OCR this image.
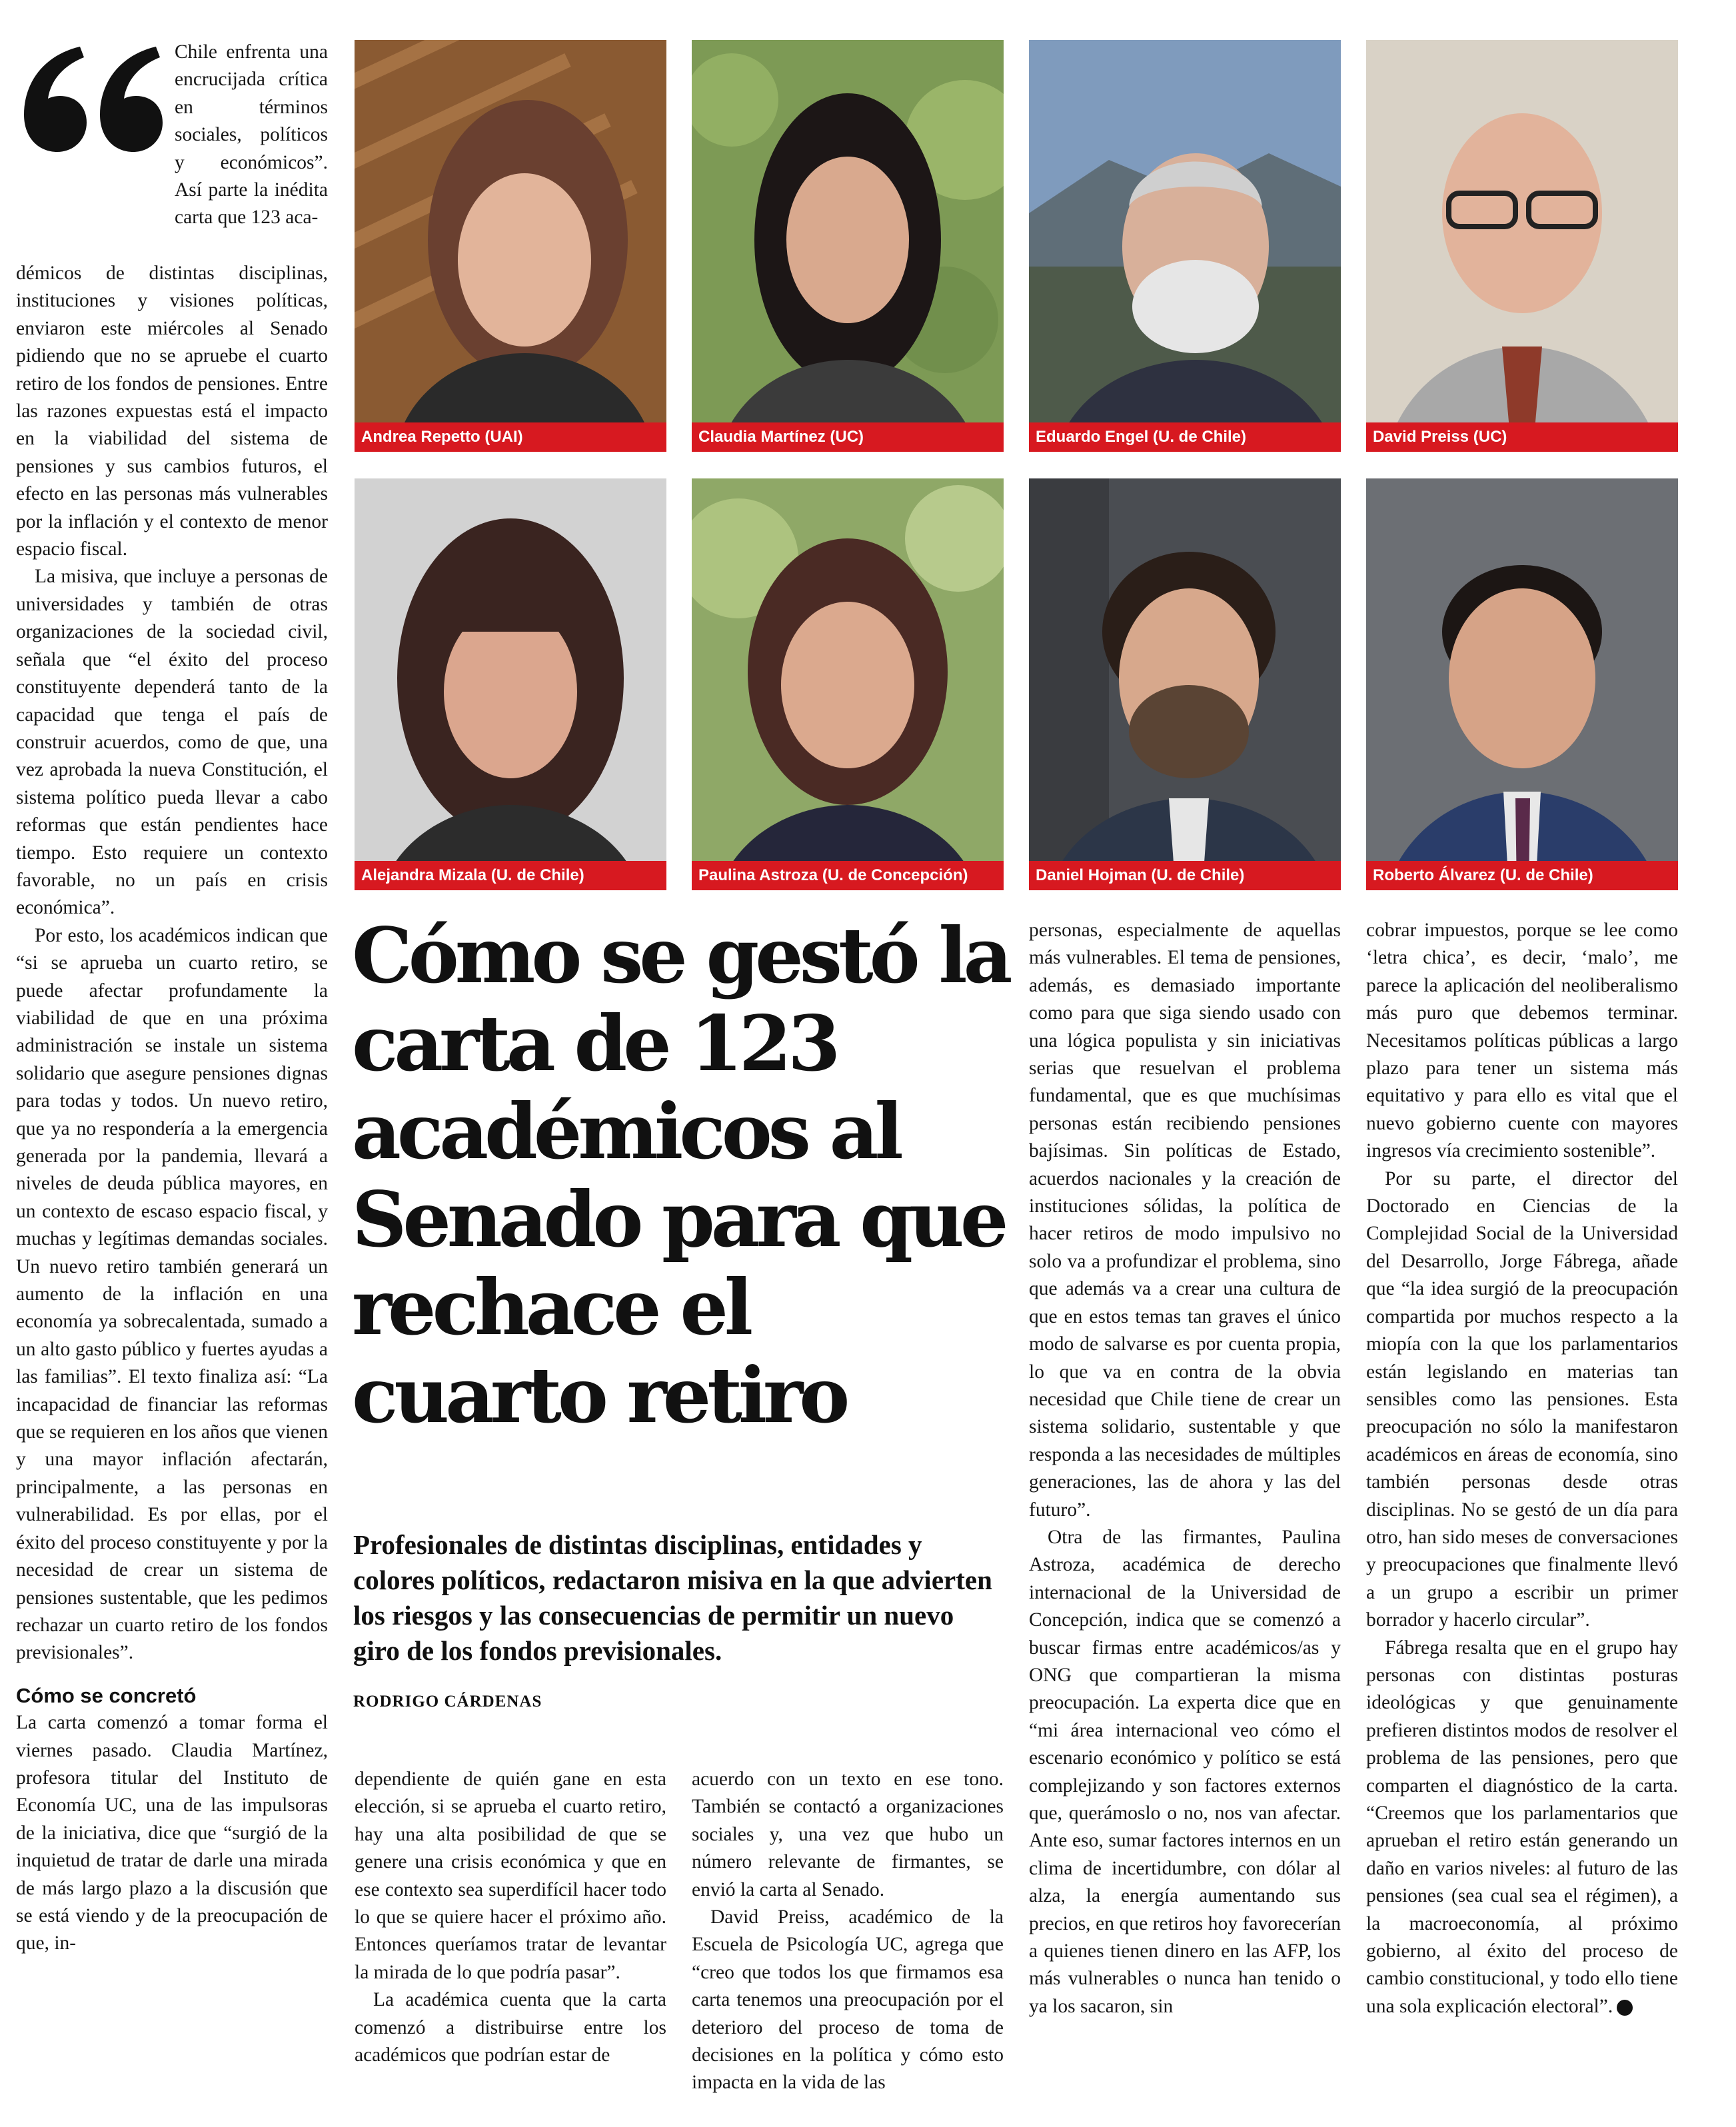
Chile enfrenta una encrucijada crítica en términos sociales, políticos y económicos”. Así parte la inédita carta que 123 aca-

démicos de distintas disciplinas, instituciones y visiones políticas, enviaron este miércoles al Senado pidiendo que no se apruebe el cuarto retiro de los fondos de pensiones. Entre las razones expuestas está el impacto en la viabilidad del sistema de pensiones y sus cambios futuros, el efecto en las personas más vulnerables por la inflación y el contexto de menor espacio fiscal.

La misiva, que incluye a personas de universidades y también de otras organizaciones de la sociedad civil, señala que “el éxito del proceso constituyente dependerá tanto de la capacidad que tenga el país de construir acuerdos, como de que, una vez aprobada la nueva Constitución, el sistema político pueda llevar a cabo reformas que están pendientes hace tiempo. Esto requiere un contexto favorable, no un país en crisis económica”.

Por esto, los académicos indican que “si se aprueba un cuarto retiro, se puede afectar profundamente la viabilidad de que en una próxima administración se instale un sistema solidario que asegure pensiones dignas para todas y todos. Un nuevo retiro, que ya no respondería a la emergencia generada por la pandemia, llevará a niveles de deuda pública mayores, en un contexto de escaso espacio fiscal, y muchas y legítimas demandas sociales. Un nuevo retiro también generará un aumento de la inflación en una economía ya sobrecalentada, sumado a un alto gasto público y fuertes ayudas a las familias”. El texto finaliza así: “La incapacidad de financiar las reformas que se requieren en los años que vienen y una mayor inflación afectarán, principalmente, a las personas en vulnerabilidad. Es por ellas, por el éxito del proceso constituyente y por la necesidad de crear un sistema de pensiones sustentable, que les pedimos rechazar un cuarto retiro de los fondos previsionales”.

Cómo se concretó

La carta comenzó a tomar forma el viernes pasado. Claudia Martínez, profesora titular del Instituto de Economía UC, una de las impulsoras de la iniciativa, dice que “surgió de la inquietud de tratar de darle una mirada de más largo plazo a la discusión que se está viendo y de la preocupación de que, in-

Andrea Repetto (UAI)	Claudia Martínez (UC)	Eduardo Engel (U. de Chile)	David Preiss (UC)
Alejandra Mizala (U. de Chile)	Paulina Astroza (U. de Concepción)	Daniel Hojman (U. de Chile)	Roberto Álvarez (U. de Chile)
Cómo se gestó la carta de 123 académicos al Senado para que rechace el cuarto retiro

Profesionales de distintas disciplinas, entidades y colores políticos, redactaron misiva en la que advierten los riesgos y las consecuencias de permitir un nuevo giro de los fondos previsionales.

RODRIGO CÁRDENAS

dependiente de quién gane en esta elección, si se aprueba el cuarto retiro, hay una alta posibilidad de que se genere una crisis económica y que en ese contexto sea superdifícil hacer todo lo que se quiere hacer el próximo año. Entonces queríamos tratar de levantar la mirada de lo que podría pasar”.

La académica cuenta que la carta comenzó a distribuirse entre los académicos que podrían estar de

acuerdo con un texto en ese tono. También se contactó a organizaciones sociales y, una vez que hubo un número relevante de firmantes, se envió la carta al Senado.

David Preiss, académico de la Escuela de Psicología UC, agrega que “creo que todos los que firmamos esa carta tenemos una preocupación por el deterioro del proceso de toma de decisiones en la política y cómo esto impacta en la vida de las

personas, especialmente de aquellas más vulnerables. El tema de pensiones, además, es demasiado importante como para que siga siendo usado con una lógica populista y sin iniciativas serias que resuelvan el problema fundamental, que es que muchísimas personas están recibiendo pensiones bajísimas. Sin políticas de Estado, acuerdos nacionales y la creación de instituciones sólidas, la política de hacer retiros de modo impulsivo no solo va a profundizar el problema, sino que además va a crear una cultura de que en estos temas tan graves el único modo de salvarse es por cuenta propia, lo que va en contra de la obvia necesidad que Chile tiene de crear un sistema solidario, sustentable y que responda a las necesidades de múltiples generaciones, las de ahora y las del futuro”.

Otra de las firmantes, Paulina Astroza, académica de derecho internacional de la Universidad de Concepción, indica que se comenzó a buscar firmas entre académicos/as y ONG que compartieran la misma preocupación. La experta dice que en “mi área internacional veo cómo el escenario económico y político se está complejizando y son factores externos que, querámoslo o no, nos van afectar. Ante eso, sumar factores internos en un clima de incertidumbre, con dólar al alza, la energía aumentando sus precios, en que retiros hoy favorecerían a quienes tienen dinero en las AFP, los más vulnerables o nunca han tenido o ya los sacaron, sin

cobrar impuestos, porque se lee como ‘letra chica’, es decir, ‘malo’, me parece la aplicación del neoliberalismo más puro que debemos terminar. Necesitamos políticas públicas a largo plazo para tener un sistema más equitativo y para ello es vital que el nuevo gobierno cuente con mayores ingresos vía crecimiento sostenible”.

Por su parte, el director del Doctorado en Ciencias de la Complejidad Social de la Universidad del Desarrollo, Jorge Fábrega, añade que “la idea surgió de la preocupación compartida por muchos respecto a la miopía con la que los parlamentarios están legislando en materias tan sensibles como las pensiones. Esta preocupación no sólo la manifestaron académicos en áreas de economía, sino también personas desde otras disciplinas. No se gestó de un día para otro, han sido meses de conversaciones y preocupaciones que finalmente llevó a un grupo a escribir un primer borrador y hacerlo circular”.

Fábrega resalta que en el grupo hay personas con distintas posturas ideológicas y que genuinamente prefieren distintos modos de resolver el problema de las pensiones, pero que comparten el diagnóstico de la carta. “Creemos que los parlamentarios que aprueban el retiro están generando un daño en varios niveles: al futuro de las pensiones (sea cual sea el régimen), a la macroeconomía, al próximo gobierno, al éxito del proceso de cambio constitucional, y todo ello tiene una sola explicación electoral”.
